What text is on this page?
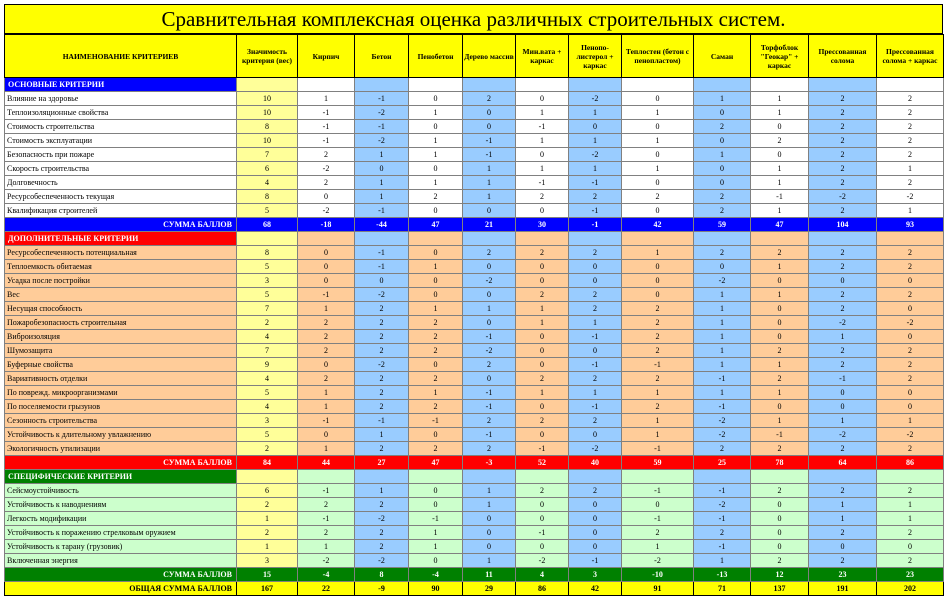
Сравнительная комплексная оценка различных строительных систем.
НАИМЕНОВАНИЕ КРИТЕРИЕВ	Значимость критерия (вес)	Кирпич	Бетон	Пенобетон	Дерево массив	Мин.вата + каркас	Пенопо-листерол + каркас	Теплостен (бетон с пенопластом)	Саман	Торфоблок "Геокар" + каркас	Прессованная солома	Прессованная солома + каркас
ОСНОВНЫЕ КРИТЕРИИ												
Влияние на здоровье	10	1	-1	0	2	0	-2	0	1	1	2	2
Теплоизоляционные свойства	10	-1	-2	1	0	1	1	1	0	1	2	2
Стоимость строительства	8	-1	-1	0	0	-1	0	0	2	0	2	2
Стоимость эксплуатации	10	-1	-2	1	-1	1	1	1	0	2	2	2
Безопасность при пожаре	7	2	1	1	-1	0	-2	0	1	0	2	2
Скорость строительства	6	-2	0	0	1	1	1	1	0	1	2	1
Долговечность	4	2	1	1	1	-1	-1	0	0	1	2	2
Ресурсобеспеченность текущая	8	0	1	2	1	2	2	2	2	-1	-2	-2
Квалификация строителей	5	-2	-1	0	0	0	-1	0	2	1	2	1
СУММА БАЛЛОВ	68	-18	-44	47	21	30	-1	42	59	47	104	93
ДОПОЛНИТЕЛЬНЫЕ КРИТЕРИИ												
Ресурсобеспеченность потенциальная	8	0	-1	0	2	2	2	1	2	2	2	2
Теплоемкость обитаемая	5	0	-1	1	0	0	0	0	0	1	2	2
Усадка после постройки	3	0	0	0	-2	0	0	0	-2	0	0	0
Вес	5	-1	-2	0	0	2	2	0	1	1	2	2
Несущая способность	7	1	2	1	1	1	2	2	1	0	2	0
Пожаробезопасность строительная	2	2	2	2	0	1	1	2	1	0	-2	-2
Виброизоляция	4	2	2	2	-1	0	-1	2	1	0	1	0
Шумозащита	7	2	2	2	-2	0	0	2	1	2	2	2
Буферные свойства	9	0	-2	0	2	0	-1	-1	1	1	2	2
Вариативность отделки	4	2	2	2	0	2	2	2	-1	2	-1	2
По поврежд. микроорганизмами	5	1	2	1	-1	1	1	1	1	1	0	0
По поселяемости грызунов	4	1	2	2	-1	0	-1	2	-1	0	0	0
Сезонность строительства	3	-1	-1	-1	2	2	2	1	-2	1	1	1
Устойчивость к длительному увлажнению	5	0	1	0	-1	0	0	1	-2	-1	-2	-2
Экологичность утилизации	2	1	2	2	2	-1	-2	-1	2	2	2	2
СУММА БАЛЛОВ	84	44	27	47	-3	52	40	59	25	78	64	86
СПЕЦИФИЧЕСКИЕ КРИТЕРИИ												
Сейсмоустойчивость	6	-1	1	0	1	2	2	-1	-1	2	2	2
Устойчивость к наводнениям	2	2	2	0	1	0	0	0	-2	0	1	1
Легкость модификации	1	-1	-2	-1	0	0	0	-1	-1	0	1	1
Устойчивость к поражению стрелковым оружием	2	2	2	1	0	-1	0	2	2	0	2	2
Устойчивость к тарану (грузовик)	1	1	2	1	0	0	0	1	-1	0	0	0
Включенная энергия	3	-2	-2	0	1	-2	-1	-2	1	2	2	2
СУММА БАЛЛОВ	15	-4	8	-4	11	4	3	-10	-13	12	23	23
ОБЩАЯ СУММА БАЛЛОВ	167	22	-9	90	29	86	42	91	71	137	191	202
